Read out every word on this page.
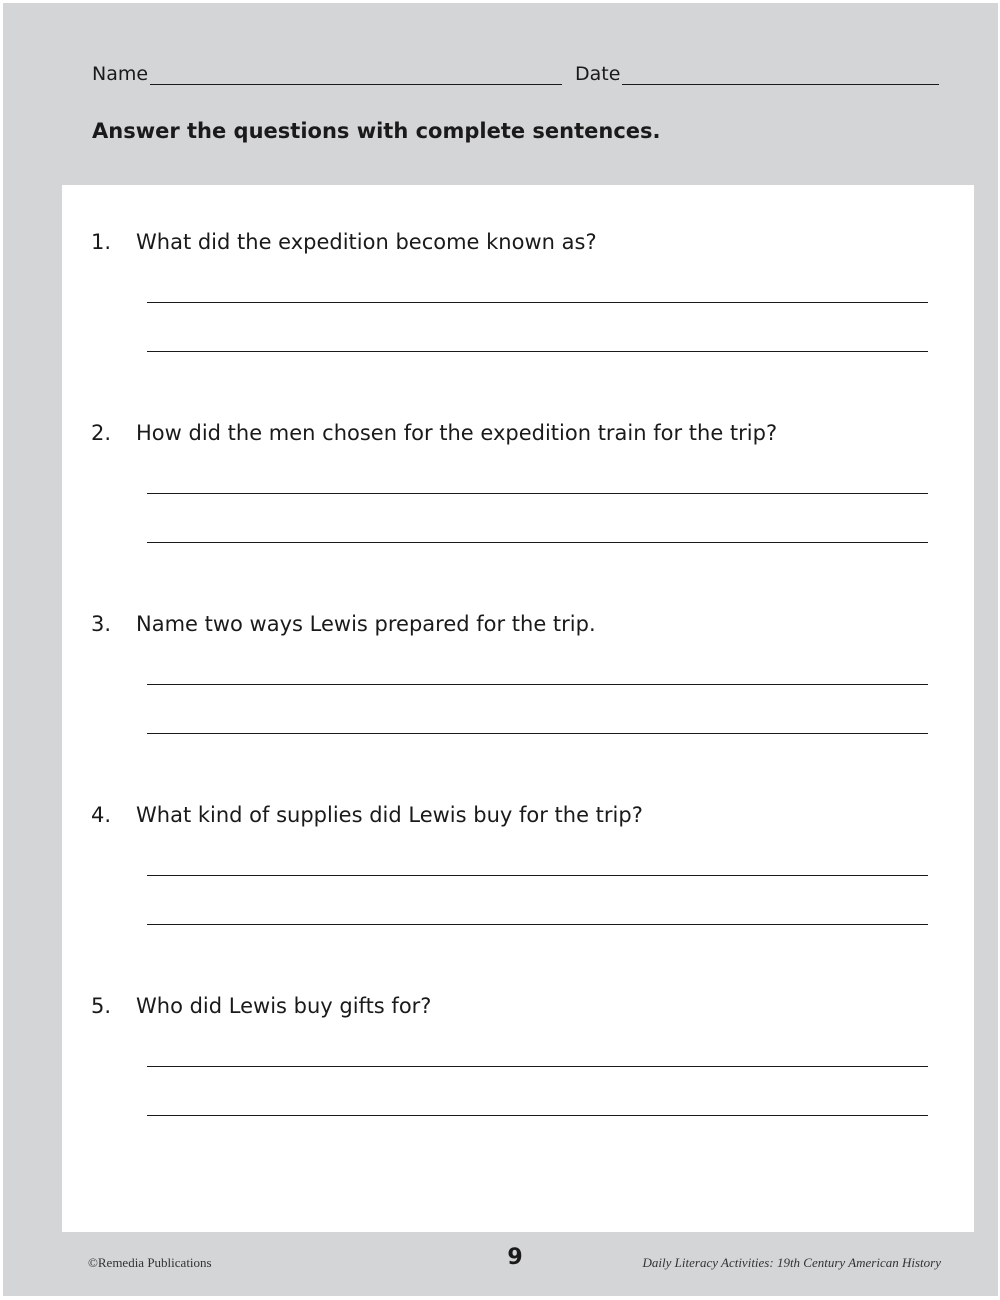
Name	Date

Answer the questions with complete sentences.

1. What did the expedition become known as?
2. How did the men chosen for the expedition train for the trip?
3. Name two ways Lewis prepared for the trip.
4. What kind of supplies did Lewis buy for the trip?
5. Who did Lewis buy gifts for?
©Remedia Publications	9	Daily Literacy Activities: 19th Century American History
